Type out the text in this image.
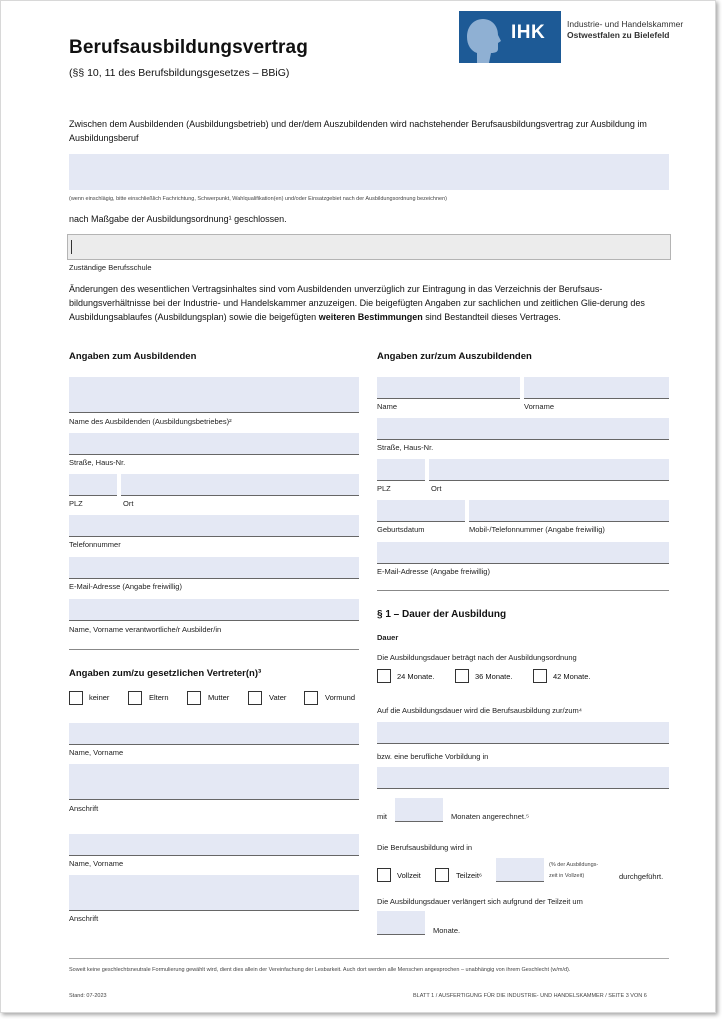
Berufsausbildungsvertrag
(§§ 10, 11 des Berufsbildungsgesetzes – BBiG)
IHK	Industrie- und Handelskammer
Ostwestfalen zu Bielefeld
Zwischen dem Ausbildenden (Ausbildungsbetrieb) und der/dem Auszubildenden wird nachstehender Berufsausbildungsvertrag zur Ausbildung im Ausbildungsberuf
(wenn einschlägig, bitte einschließlich Fachrichtung, Schwerpunkt, Wahlqualifikation(en) und/oder Einsatzgebiet nach der Ausbildungsordnung bezeichnen)
nach Maßgabe der Ausbildungsordnung¹ geschlossen.
Zuständige Berufsschule
Änderungen des wesentlichen Vertragsinhaltes sind vom Ausbildenden unverzüglich zur Eintragung in das Verzeichnis der Berufsaus-bildungsverhältnisse bei der Industrie- und Handelskammer anzuzeigen. Die beigefügten Angaben zur sachlichen und zeitlichen Glie-derung des Ausbildungsablaufes (Ausbildungsplan) sowie die beigefügten weiteren Bestimmungen sind Bestandteil dieses Vertrages.
Angaben zum Ausbildenden
Name des Ausbildenden (Ausbildungsbetriebes)²
Straße, Haus-Nr.
PLZ	Ort
Telefonnummer
E-Mail-Adresse (Angabe freiwillig)
Name, Vorname verantwortliche/r Ausbilder/in
Angaben zum/zu gesetzlichen Vertreter(n)³
keiner	Eltern	Mutter	Vater	Vormund
Name, Vorname
Anschrift
Name, Vorname
Anschrift
Angaben zur/zum Auszubildenden
Name	Vorname
Straße, Haus-Nr.
PLZ	Ort
Geburtsdatum	Mobil-/Telefonnummer (Angabe freiwillig)
E-Mail-Adresse (Angabe freiwillig)
§ 1 – Dauer der Ausbildung
Dauer
Die Ausbildungsdauer beträgt nach der Ausbildungsordnung
24 Monate.	36 Monate.	42 Monate.
Auf die Ausbildungsdauer wird die Berufsausbildung zur/zum⁴
bzw. eine berufliche Vorbildung in
mit	Monaten angerechnet.⁵
Die Berufsausbildung wird in
Vollzeit	Teilzeit⁶
(% der Ausbildungs-
zeit in Vollzeit)	durchgeführt.
Die Ausbildungsdauer verlängert sich aufgrund der Teilzeit um
Monate.
Soweit keine geschlechtsneutrale Formulierung gewählt wird, dient dies allein der Vereinfachung der Lesbarkeit. Auch dort werden alle Menschen angesprochen – unabhängig von ihrem Geschlecht (w/m/d).
Stand: 07-2023	BLATT 1 / AUSFERTIGUNG FÜR DIE INDUSTRIE- UND HANDELSKAMMER / SEITE 3 VON 6
